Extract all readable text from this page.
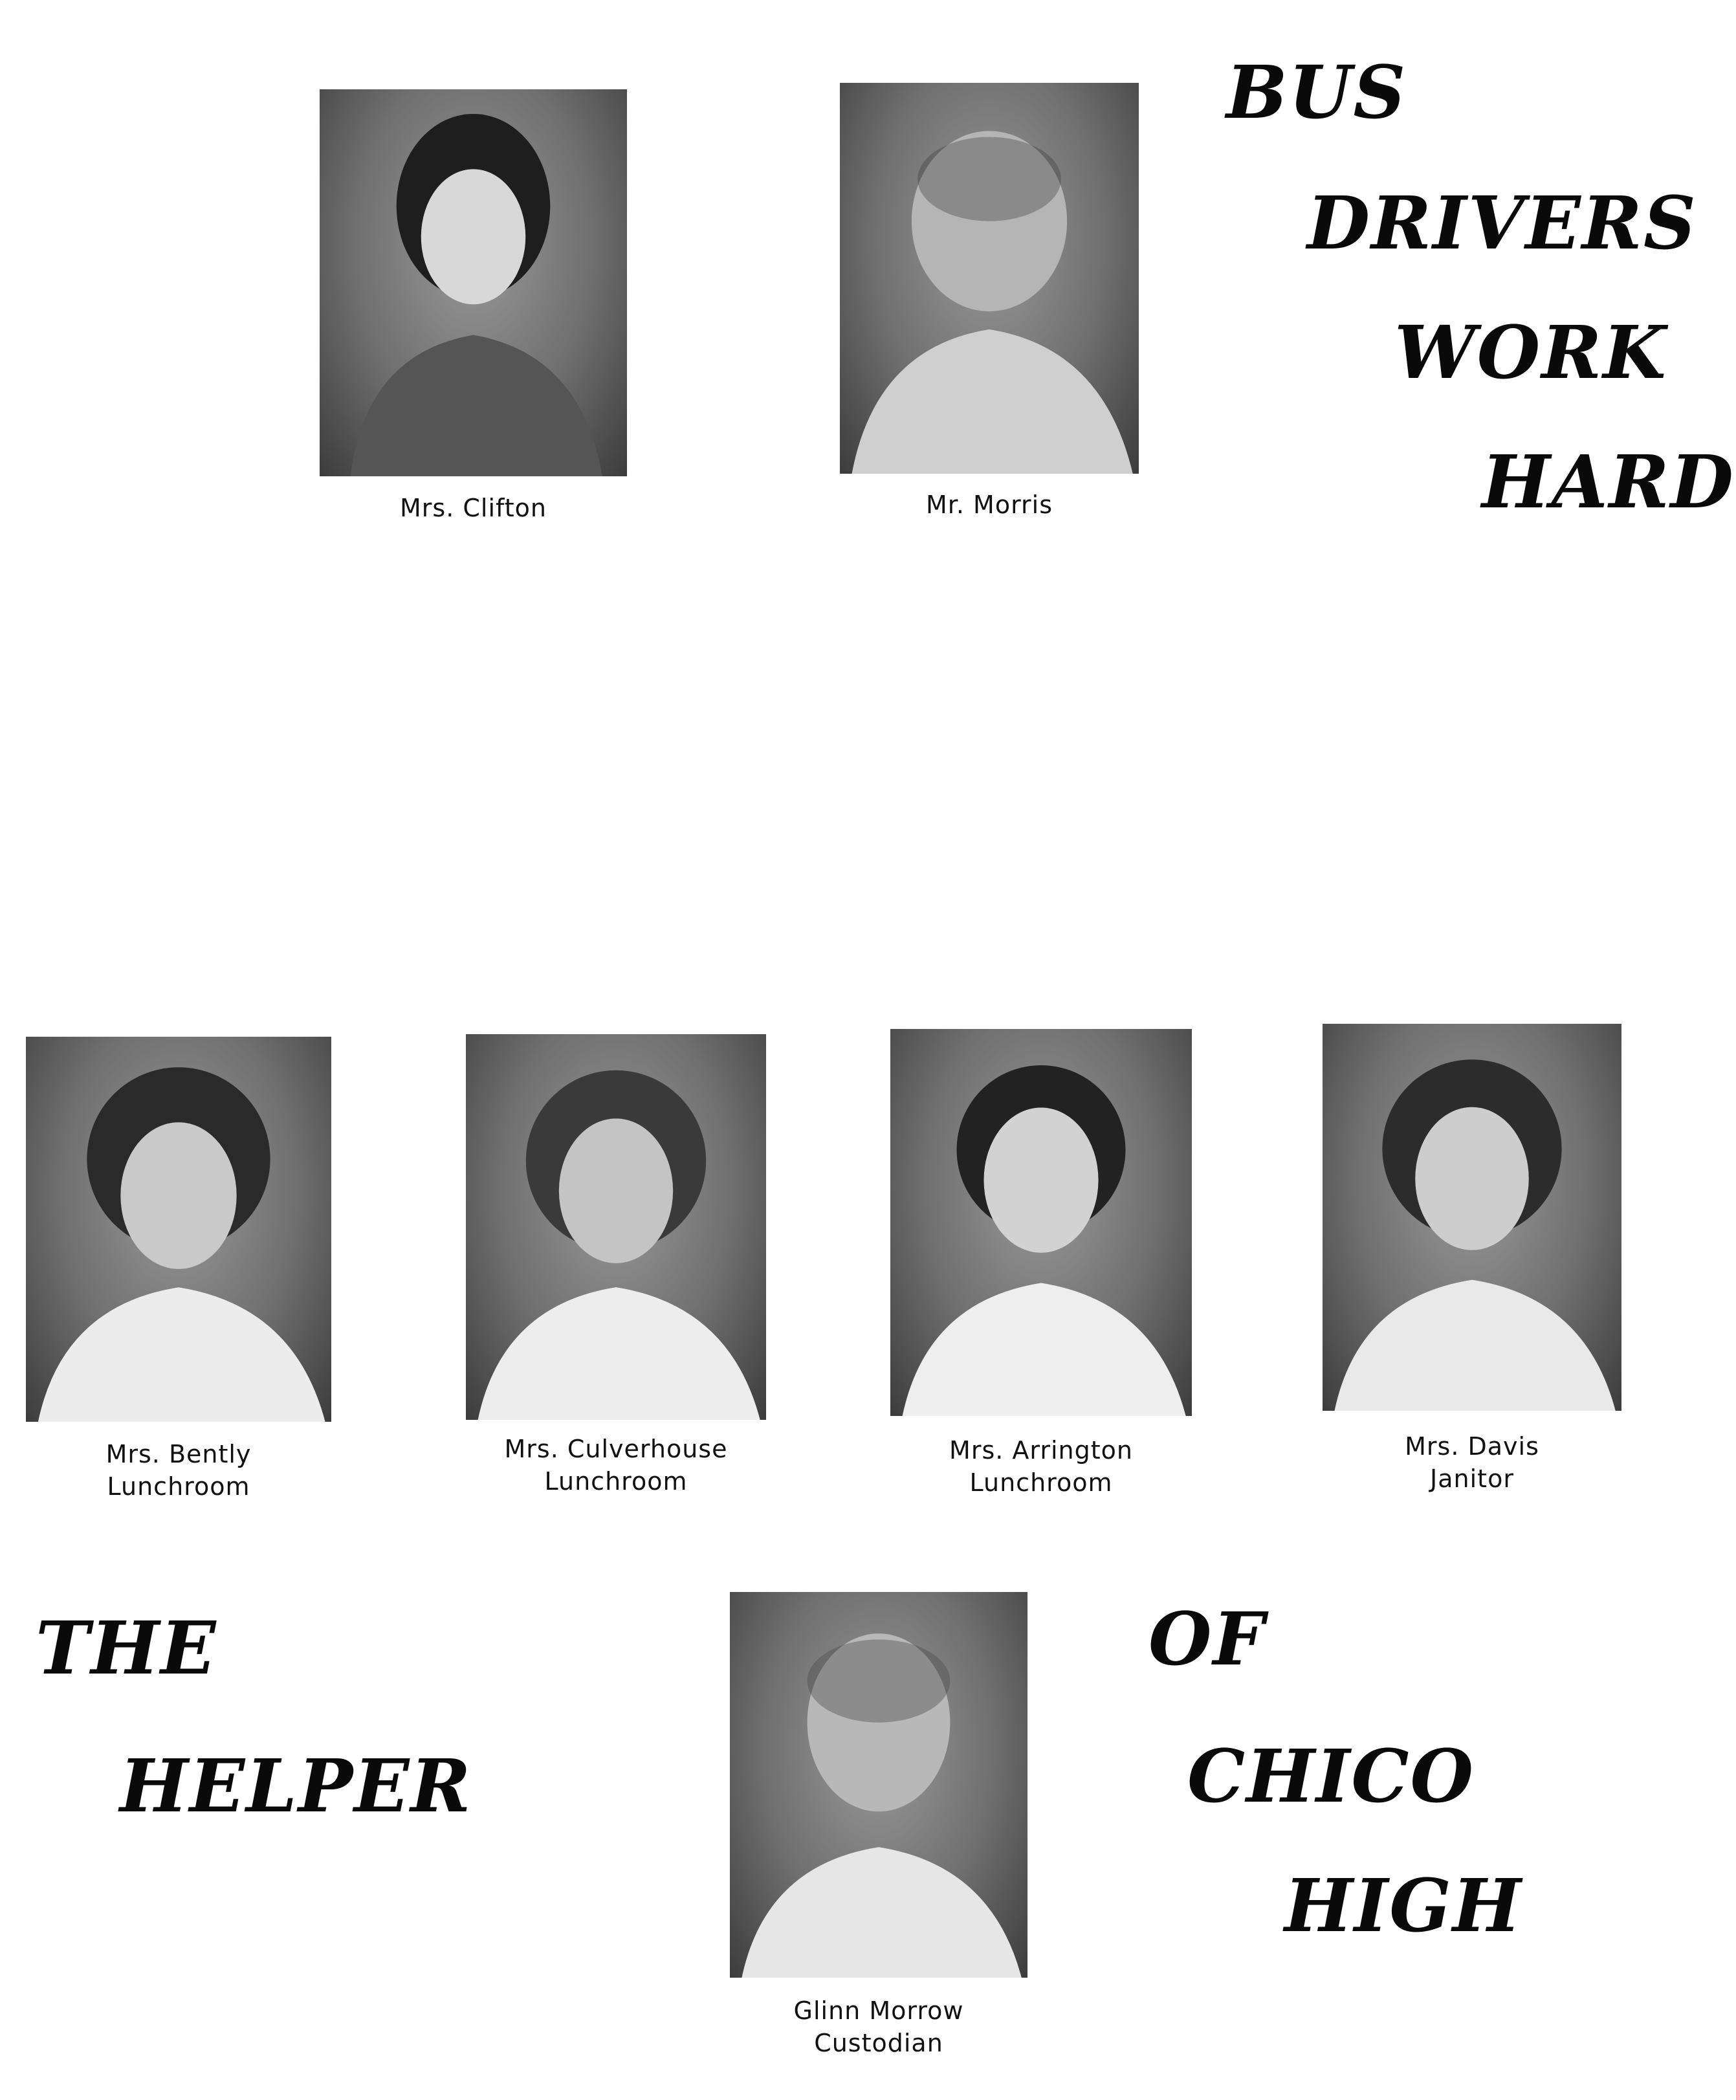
BUS
DRIVERS
WORK
HARD
Mrs. Clifton	Mr. Morris
Mrs. Bently
Lunchroom
Mrs. Culverhouse
Lunchroom
Mrs. Arrington
Lunchroom
Mrs. Davis
Janitor
THE
HELPER
OF
CHICO
HIGH
Glinn Morrow
Custodian
